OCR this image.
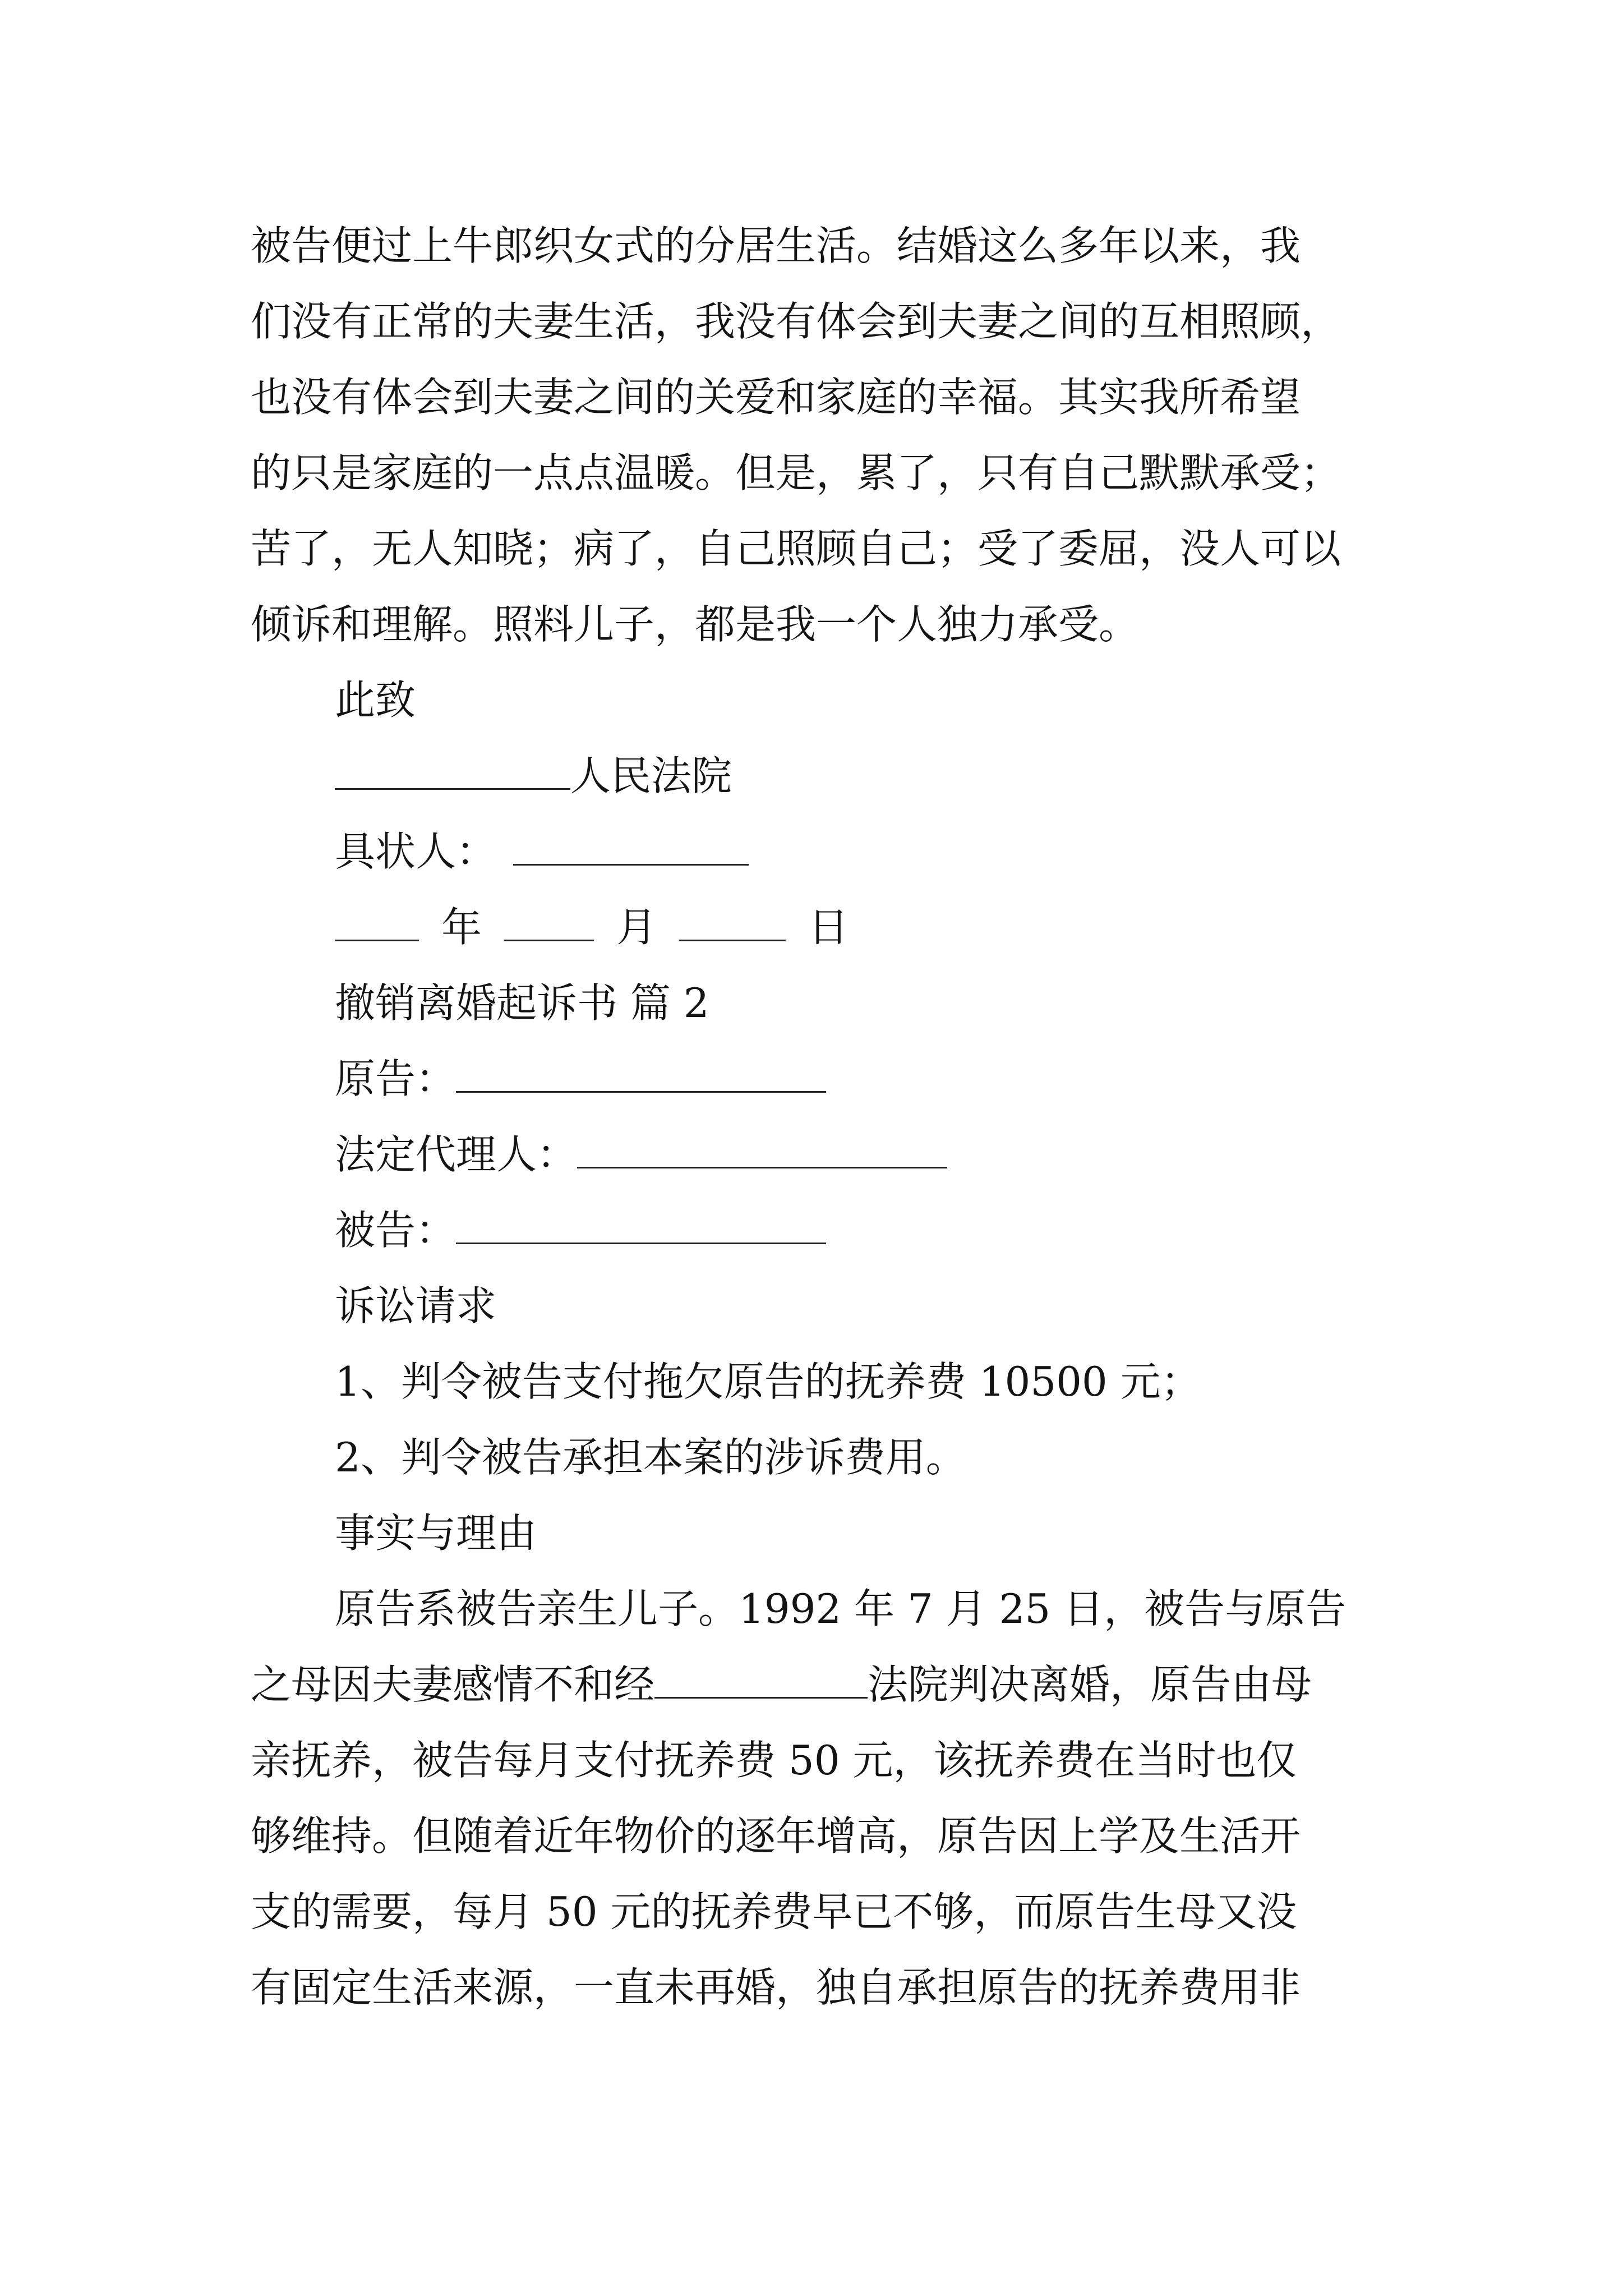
被告便过上牛郎织女式的分居生活。结婚这么多年以来，我
们没有正常的夫妻生活，我没有体会到夫妻之间的互相照顾，
也没有体会到夫妻之间的关爱和家庭的幸福。其实我所希望
的只是家庭的一点点温暖。但是，累了，只有自己默默承受；
苦了，无人知晓；病了，自己照顾自己；受了委屈，没人可以
倾诉和理解。照料儿子，都是我一个人独力承受。
此致
人民法院
具状人：
年	月	日
撤销离婚起诉书 篇 2
原告：
法定代理人：
被告：
诉讼请求
1、判令被告支付拖欠原告的抚养费 10500 元；
2、判令被告承担本案的涉诉费用。
事实与理由
原告系被告亲生儿子。1992 年 7 月 25 日，被告与原告
之母因夫妻感情不和经	法院判决离婚，原告由母
亲抚养，被告每月支付抚养费 50 元，该抚养费在当时也仅
够维持。但随着近年物价的逐年增高，原告因上学及生活开
支的需要，每月 50 元的抚养费早已不够，而原告生母又没
有固定生活来源，一直未再婚，独自承担原告的抚养费用非
